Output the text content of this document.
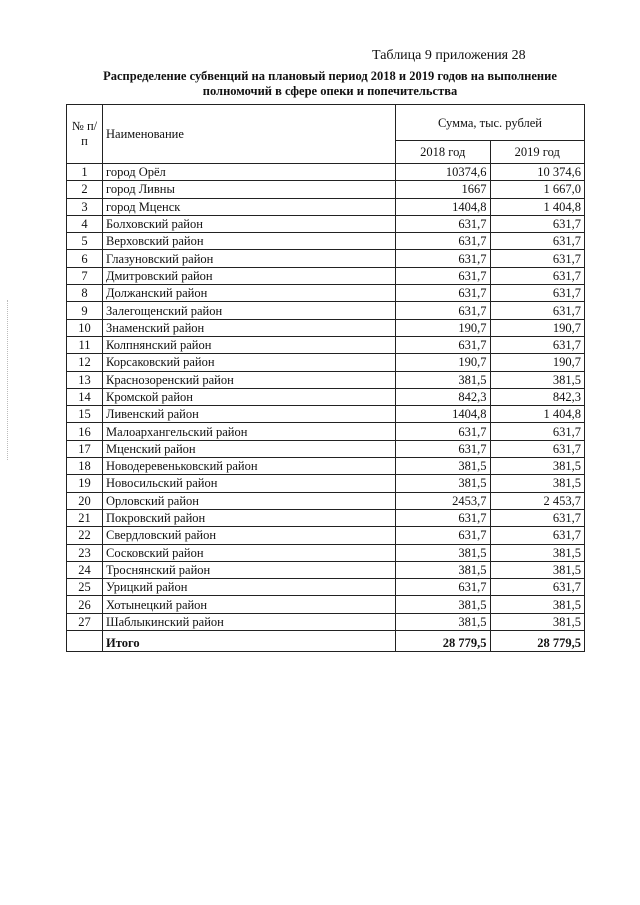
Таблица 9 приложения 28
Распределение субвенций на плановый период 2018 и 2019 годов на выполнение полномочий в сфере опеки и попечительства
№ п/п	Наименование	Сумма, тыс. рублей	
		2018 год	2019 год
1	город Орёл	10374,6	10 374,6
2	город Ливны	1667	1 667,0
3	город Мценск	1404,8	1 404,8
4	Болховский район	631,7	631,7
5	Верховский район	631,7	631,7
6	Глазуновский район	631,7	631,7
7	Дмитровский район	631,7	631,7
8	Должанский район	631,7	631,7
9	Залегощенский район	631,7	631,7
10	Знаменский район	190,7	190,7
11	Колпнянский район	631,7	631,7
12	Корсаковский район	190,7	190,7
13	Краснозоренский район	381,5	381,5
14	Кромской район	842,3	842,3
15	Ливенский район	1404,8	1 404,8
16	Малоархангельский район	631,7	631,7
17	Мценский район	631,7	631,7
18	Новодеревеньковский район	381,5	381,5
19	Новосильский район	381,5	381,5
20	Орловский район	2453,7	2 453,7
21	Покровский район	631,7	631,7
22	Свердловский район	631,7	631,7
23	Сосковский район	381,5	381,5
24	Троснянский район	381,5	381,5
25	Урицкий район	631,7	631,7
26	Хотынецкий район	381,5	381,5
27	Шаблыкинский район	381,5	381,5
	Итого	28 779,5	28 779,5
